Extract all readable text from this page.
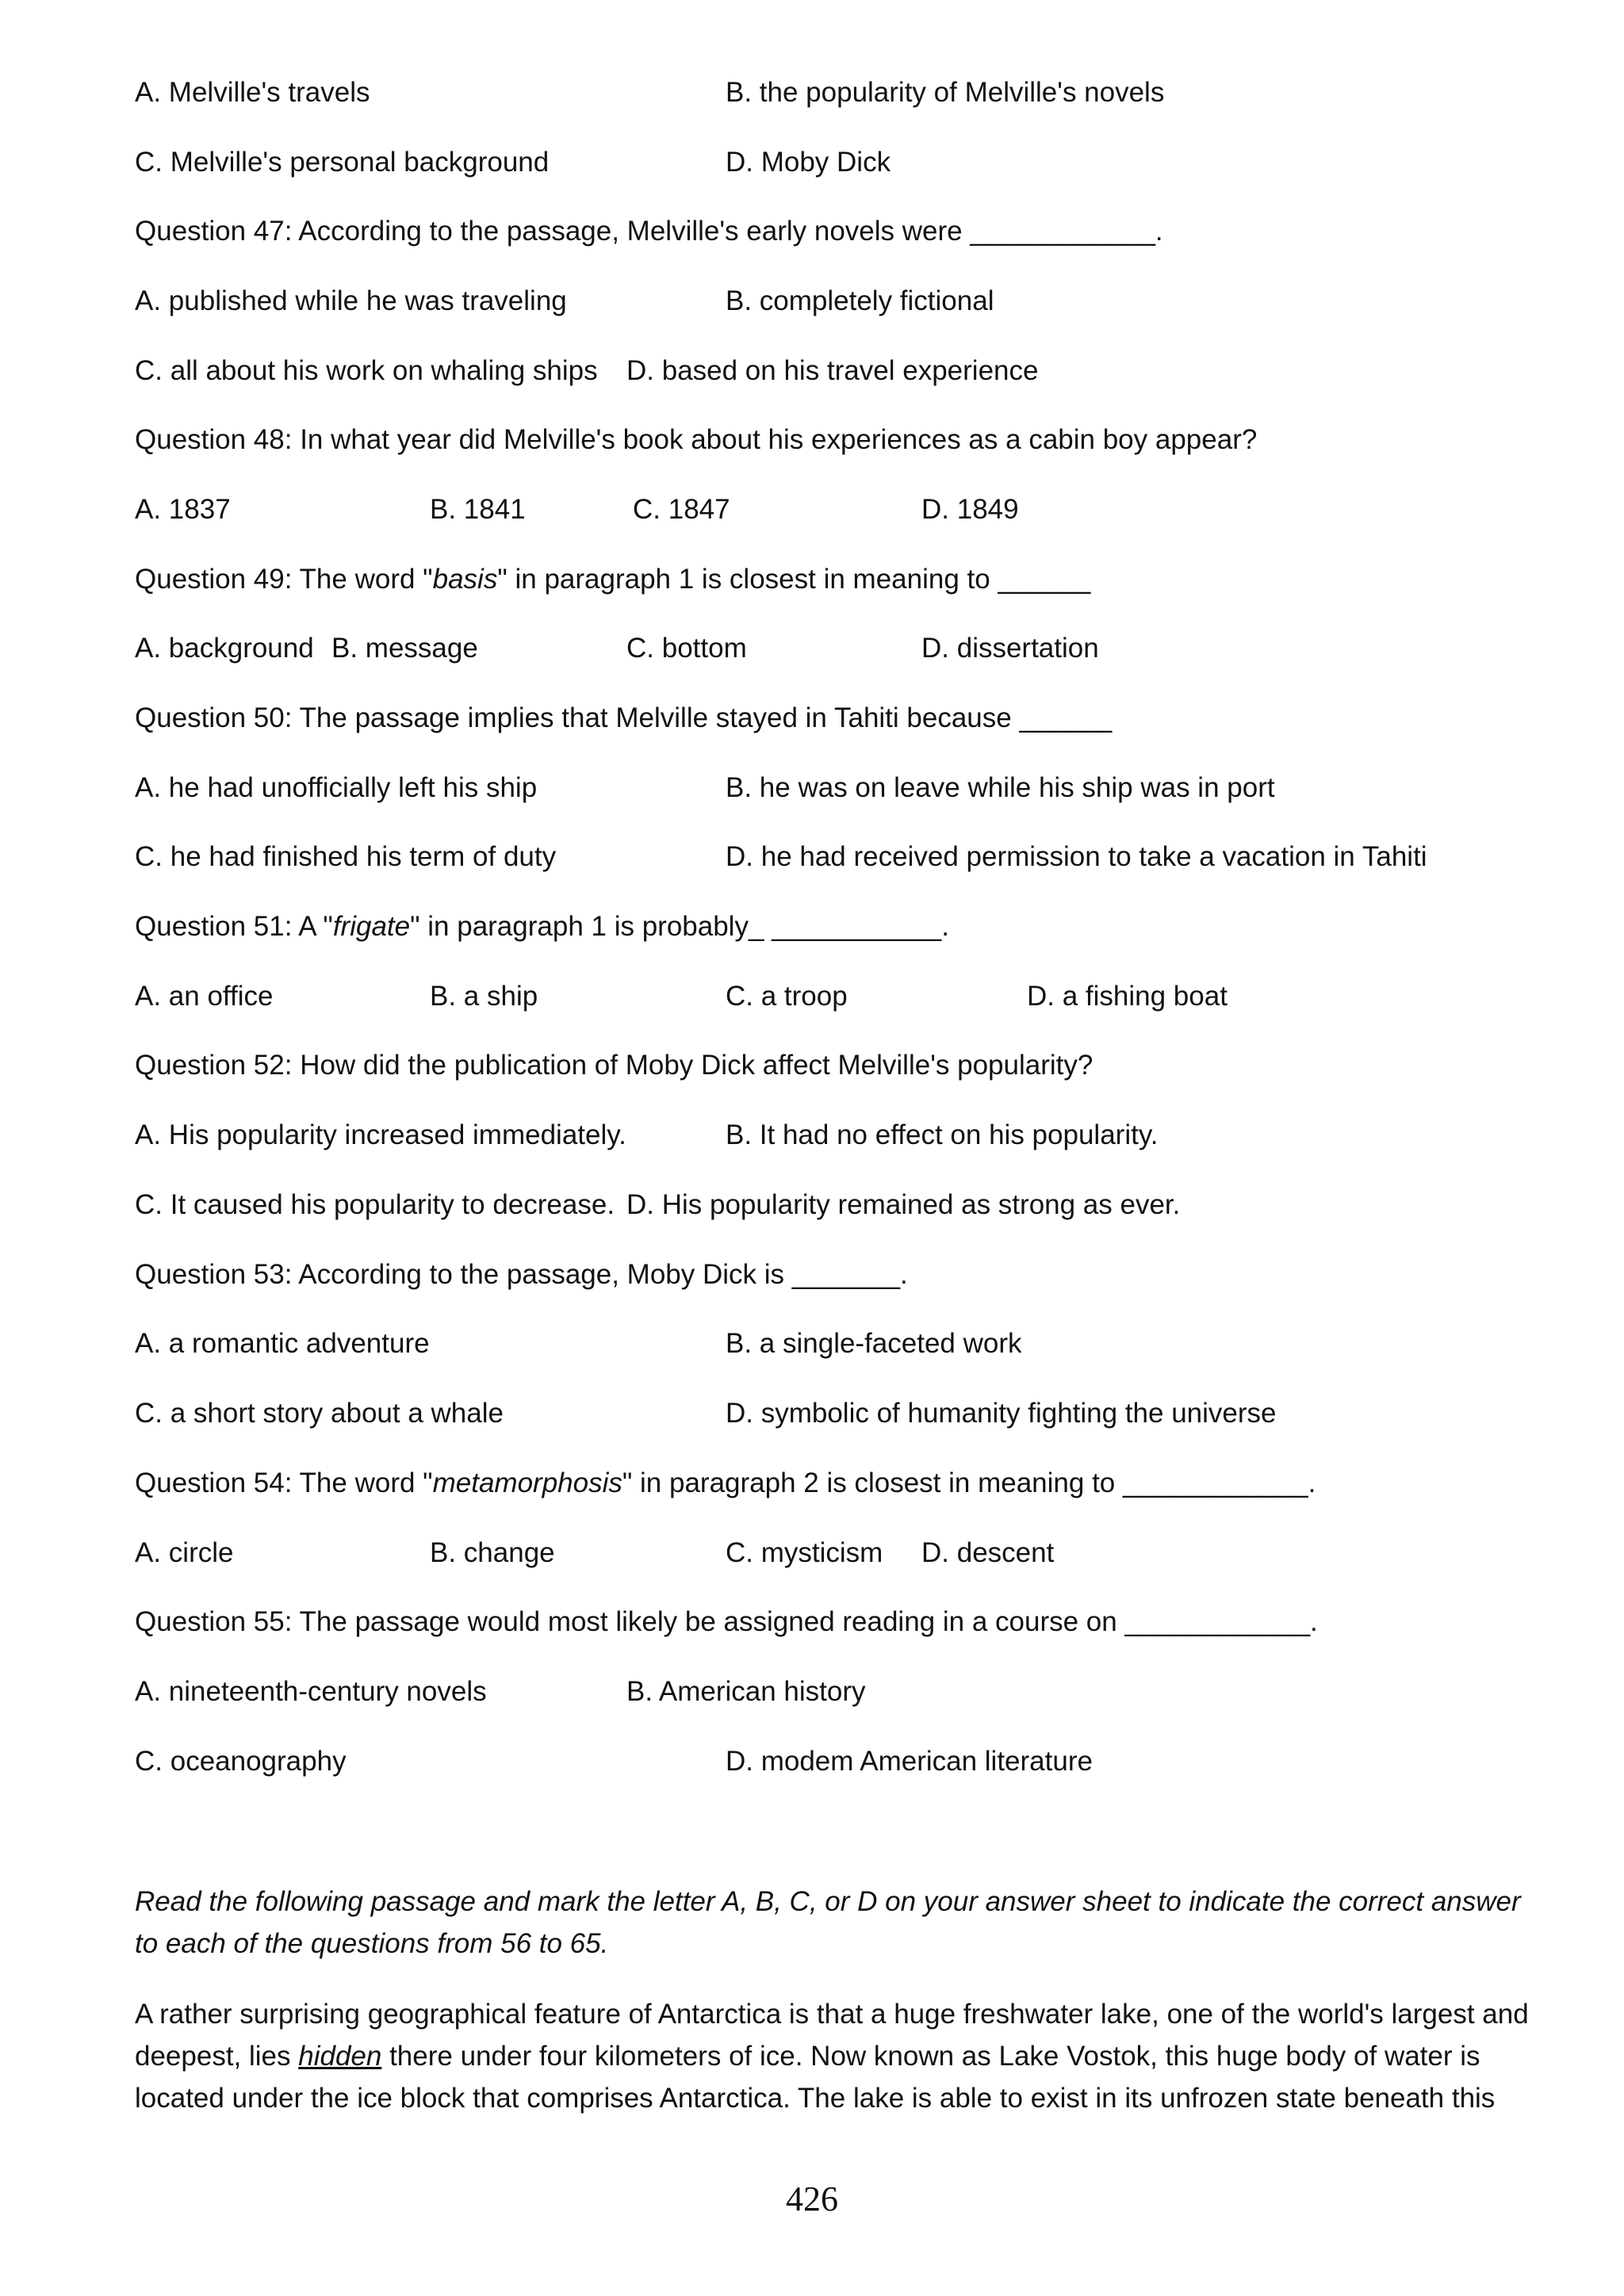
A. Melville's travels	B. the popularity of Melville's novels
C. Melville's personal background	D. Moby Dick
Question 47: According to the passage, Melville's early novels were ____________.
A. published while he was traveling	B. completely fictional
C. all about his work on whaling ships D. based on his travel experience
Question 48: In what year did Melville's book about his experiences as a cabin boy appear?
A. 1837	B. 1841	C. 1847	D. 1849
Question 49: The word "basis" in paragraph 1 is closest in meaning to ______
A. background B. message	C. bottom	D. dissertation
Question 50: The passage implies that Melville stayed in Tahiti because ______
A. he had unofficially left his ship	B. he was on leave while his ship was in port
C. he had finished his term of duty	D. he had received permission to take a vacation in Tahiti
Question 51: A "frigate" in paragraph 1 is probably_ ___________.
A. an office	B. a ship	C. a troop	D. a fishing boat
Question 52: How did the publication of Moby Dick affect Melville's popularity?
A. His popularity increased immediately.	B. It had no effect on his popularity.
C. It caused his popularity to decrease. D. His popularity remained as strong as ever.
Question 53: According to the passage, Moby Dick is _______.
A. a romantic adventure	B. a single-faceted work
C. a short story about a whale	D. symbolic of humanity fighting the universe
Question 54: The word "metamorphosis" in paragraph 2 is closest in meaning to ____________.
A. circle	B. change	C. mysticism D. descent
Question 55: The passage would most likely be assigned reading in a course on ____________.
A. nineteenth-century novels	B. American history
C. oceanography	D. modem American literature
Read the following passage and mark the letter A, B, C, or D on your answer sheet to indicate the correct answer to each of the questions from 56 to 65.
A rather surprising geographical feature of Antarctica is that a huge freshwater lake, one of the world's largest and deepest, lies hidden there under four kilometers of ice. Now known as Lake Vostok, this huge body of water is located under the ice block that comprises Antarctica. The lake is able to exist in its unfrozen state beneath this
426
